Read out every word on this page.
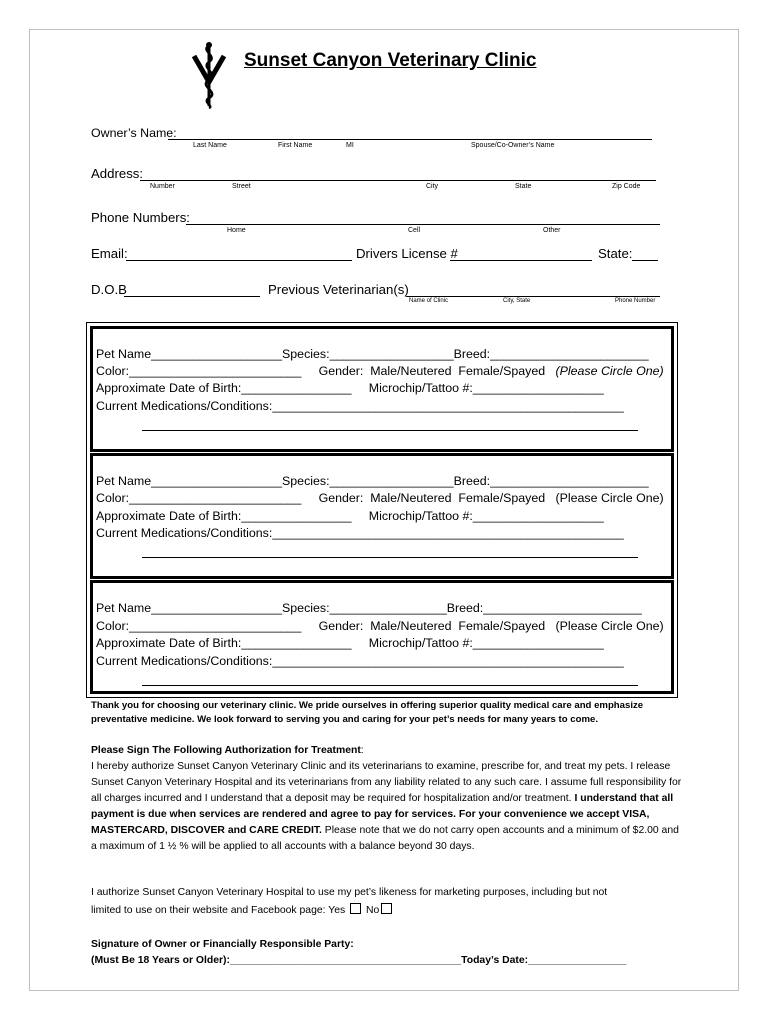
Sunset Canyon Veterinary Clinic
Owner’s Name:
Last Name	First Name	MI	Spouse/Co-Owner’s Name
Address:
Number	Street	City	State	Zip Code
Phone Numbers:
Home	Cell	Other
Email:	Drivers License #	State:
D.O.B	Previous Veterinarian(s)
Name of Clinic	City, State	Phone Number
Pet Name___________________Species:__________________Breed:_______________________
Color:_________________________ Gender:  Male/Neutered  Female/Spayed (Please Circle One)
Approximate Date of Birth:________________ Microchip/Tattoo #:___________________
Current Medications/Conditions:___________________________________________________
Pet Name___________________Species:__________________Breed:_______________________
Color:_________________________ Gender:  Male/Neutered  Female/Spayed (Please Circle One)
Approximate Date of Birth:________________ Microchip/Tattoo #:___________________
Current Medications/Conditions:___________________________________________________
Pet Name___________________Species:_________________Breed:_______________________
Color:_________________________ Gender:  Male/Neutered  Female/Spayed (Please Circle One)
Approximate Date of Birth:________________ Microchip/Tattoo #:___________________
Current Medications/Conditions:___________________________________________________
Thank you for choosing our veterinary clinic. We pride ourselves in offering superior quality medical care and emphasize preventative medicine. We look forward to serving you and caring for your pet’s needs for many years to come.
Please Sign The Following Authorization for Treatment:
I hereby authorize Sunset Canyon Veterinary Clinic and its veterinarians to examine, prescribe for, and treat my pets. I release Sunset Canyon Veterinary Hospital and its veterinarians from any liability related to any such care. I assume full responsibility for all charges incurred and I understand that a deposit may be required for hospitalization and/or treatment. I understand that all payment is due when services are rendered and agree to pay for services. For your convenience we accept VISA, MASTERCARD, DISCOVER and CARE CREDIT. Please note that we do not carry open accounts and a minimum of $2.00 and a maximum of 1 ½ % will be applied to all accounts with a balance beyond 30 days.
I authorize Sunset Canyon Veterinary Hospital to use my pet’s likeness for marketing purposes, including but not
limited to use on their website and Facebook page: Yes No
Signature of Owner or Financially Responsible Party:
(Must Be 18 Years or Older):________________________________________Today’s Date:_________________
